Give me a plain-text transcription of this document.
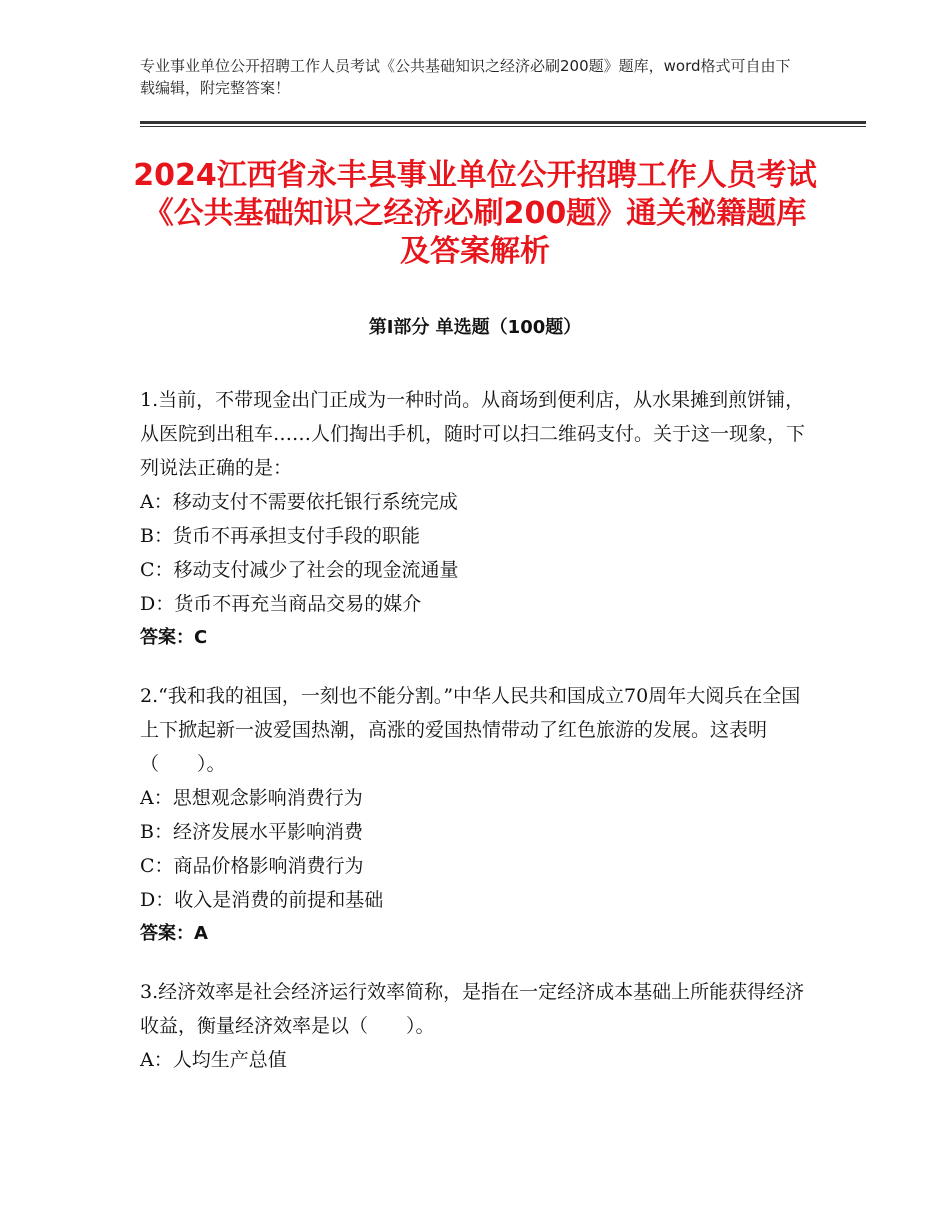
专业事业单位公开招聘工作人员考试《公共基础知识之经济必刷200题》题库，word格式可自由下载编辑，附完整答案！
2024江西省永丰县事业单位公开招聘工作人员考试《公共基础知识之经济必刷200题》通关秘籍题库及答案解析
第Ⅰ部分 单选题（100题）

1.当前，不带现金出门正成为一种时尚。从商场到便利店，从水果摊到煎饼铺，从医院到出租车……人们掏出手机，随时可以扫二维码支付。关于这一现象，下列说法正确的是：

A：移动支付不需要依托银行系统完成

B：货币不再承担支付手段的职能

C：移动支付减少了社会的现金流通量

D：货币不再充当商品交易的媒介

答案：C

2.“我和我的祖国，一刻也不能分割。”中华人民共和国成立70周年大阅兵在全国上下掀起新一波爱国热潮，高涨的爱国热情带动了红色旅游的发展。这表明（　　）。

A：思想观念影响消费行为

B：经济发展水平影响消费

C：商品价格影响消费行为

D：收入是消费的前提和基础

答案：A

3.经济效率是社会经济运行效率简称，是指在一定经济成本基础上所能获得经济收益，衡量经济效率是以（　　）。

A：人均生产总值
